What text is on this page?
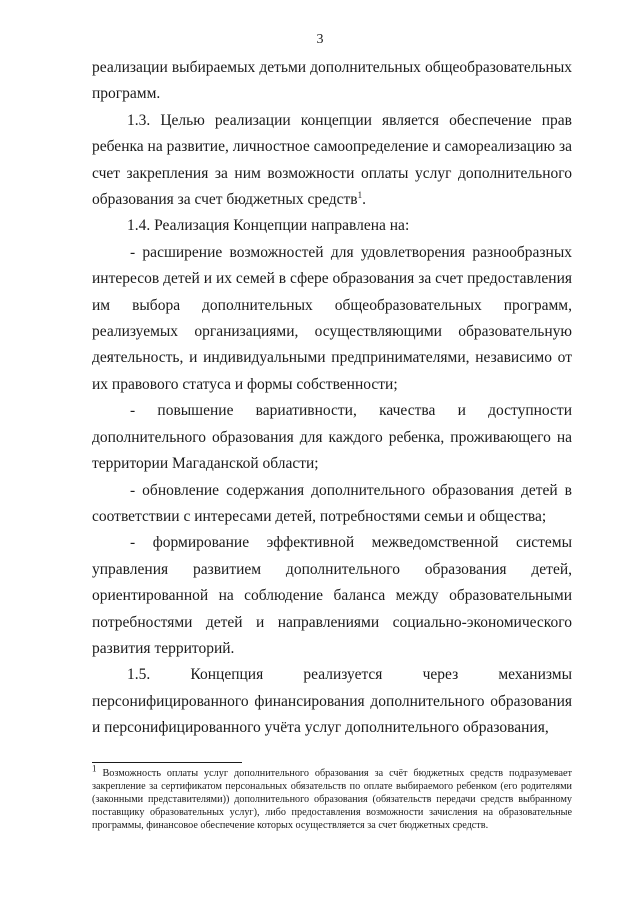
3

реализации выбираемых детьми дополнительных общеобразовательных программ.

1.3. Целью реализации концепции является обеспечение прав ребенка на развитие, личностное самоопределение и самореализацию за счет закрепления за ним возможности оплаты услуг дополнительного образования за счет бюджетных средств$^1$.

1.4. Реализация Концепции направлена на:

- расширение возможностей для удовлетворения разнообразных интересов детей и их семей в сфере образования за счет предоставления им выбора дополнительных общеобразовательных программ, реализуемых организациями, осуществляющими образовательную деятельность, и индивидуальными предпринимателями, независимо от их правового статуса и формы собственности;

- повышение вариативности, качества и доступности дополнительного образования для каждого ребенка, проживающего на территории Магаданской области;

- обновление содержания дополнительного образования детей в соответствии с интересами детей, потребностями семьи и общества;

- формирование эффективной межведомственной системы управления развитием дополнительного образования детей, ориентированной на соблюдение баланса между образовательными потребностями детей и направлениями социально-экономического развития территорий.

1.5. Концепция реализуется через механизмы персонифицированного финансирования дополнительного образования и персонифицированного учёта услуг дополнительного образования,

$^1$ Возможность оплаты услуг дополнительного образования за счёт бюджетных средств подразумевает закрепление за сертификатом персональных обязательств по оплате выбираемого ребенком (его родителями (законными представителями)) дополнительного образования (обязательств передачи средств выбранному поставщику образовательных услуг), либо предоставления возможности зачисления на образовательные программы, финансовое обеспечение которых осуществляется за счет бюджетных средств.
